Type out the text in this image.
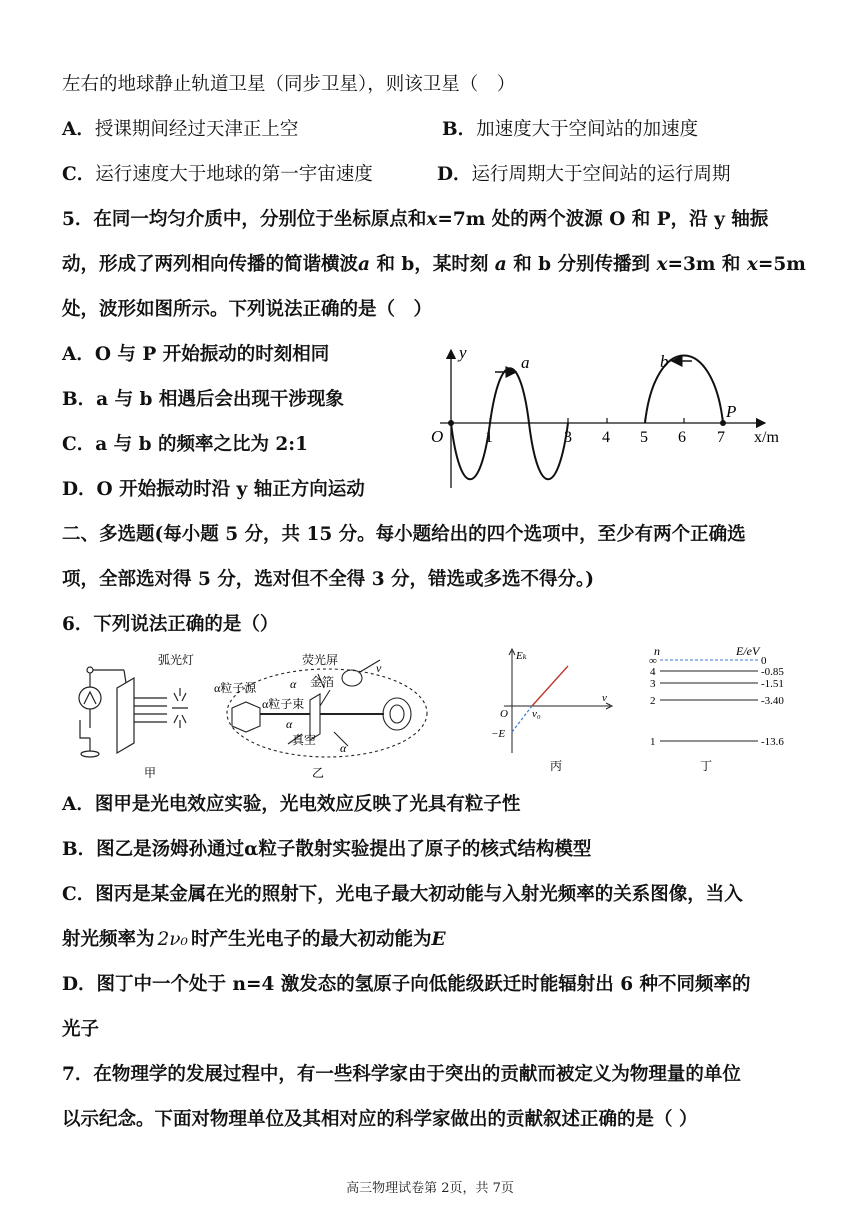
左右的地球静止轨道卫星（同步卫星），则该卫星（　）
A．授课期间经过天津正上空	B．加速度大于空间站的加速度
C．运行速度大于地球的第一宇宙速度	D．运行周期大于空间站的运行周期
5．在同一均匀介质中，分别位于坐标原点和x=7m 处的两个波源 O 和 P，沿 y 轴振
动，形成了两列相向传播的简谐横波a 和 b，某时刻 a 和 b 分别传播到 x=3m 和 x=5m
处，波形如图所示。下列说法正确的是（　）
A．O 与 P 开始振动的时刻相同
B．a 与 b 相遇后会出现干涉现象
C．a 与 b 的频率之比为 2:1
D．O 开始振动时沿 y 轴正方向运动
y
x/m
O	1	3 4 5 6 7
a	b
P
二、多选题(每小题 5 分，共 15 分。每小题给出的四个选项中，至少有两个正确选
项，全部选对得 5 分，选对但不全得 3 分，错选或多选不得分。)
6．下列说法正确的是（）
弧光灯
甲
荧光屏
α粒子源
α粒子束
金箔
真空
v
α
α
α
乙
Eₖ
ν
O ν₀
−E
丙
n	E/eV
∞	0
4	-0.85
3	-1.51
2	-3.40
1	-13.6
丁
A．图甲是光电效应实验，光电效应反映了光具有粒子性
B．图乙是汤姆孙通过α粒子散射实验提出了原子的核式结构模型
C．图丙是某金属在光的照射下，光电子最大初动能与入射光频率的关系图像，当入
射光频率为 2ν₀ 时产生光电子的最大初动能为E
D．图丁中一个处于 n=4 激发态的氢原子向低能级跃迁时能辐射出 6 种不同频率的
光子
7．在物理学的发展过程中，有一些科学家由于突出的贡献而被定义为物理量的单位
以示纪念。下面对物理单位及其相对应的科学家做出的贡献叙述正确的是（ ）
高三物理试卷第 2页，共 7页
